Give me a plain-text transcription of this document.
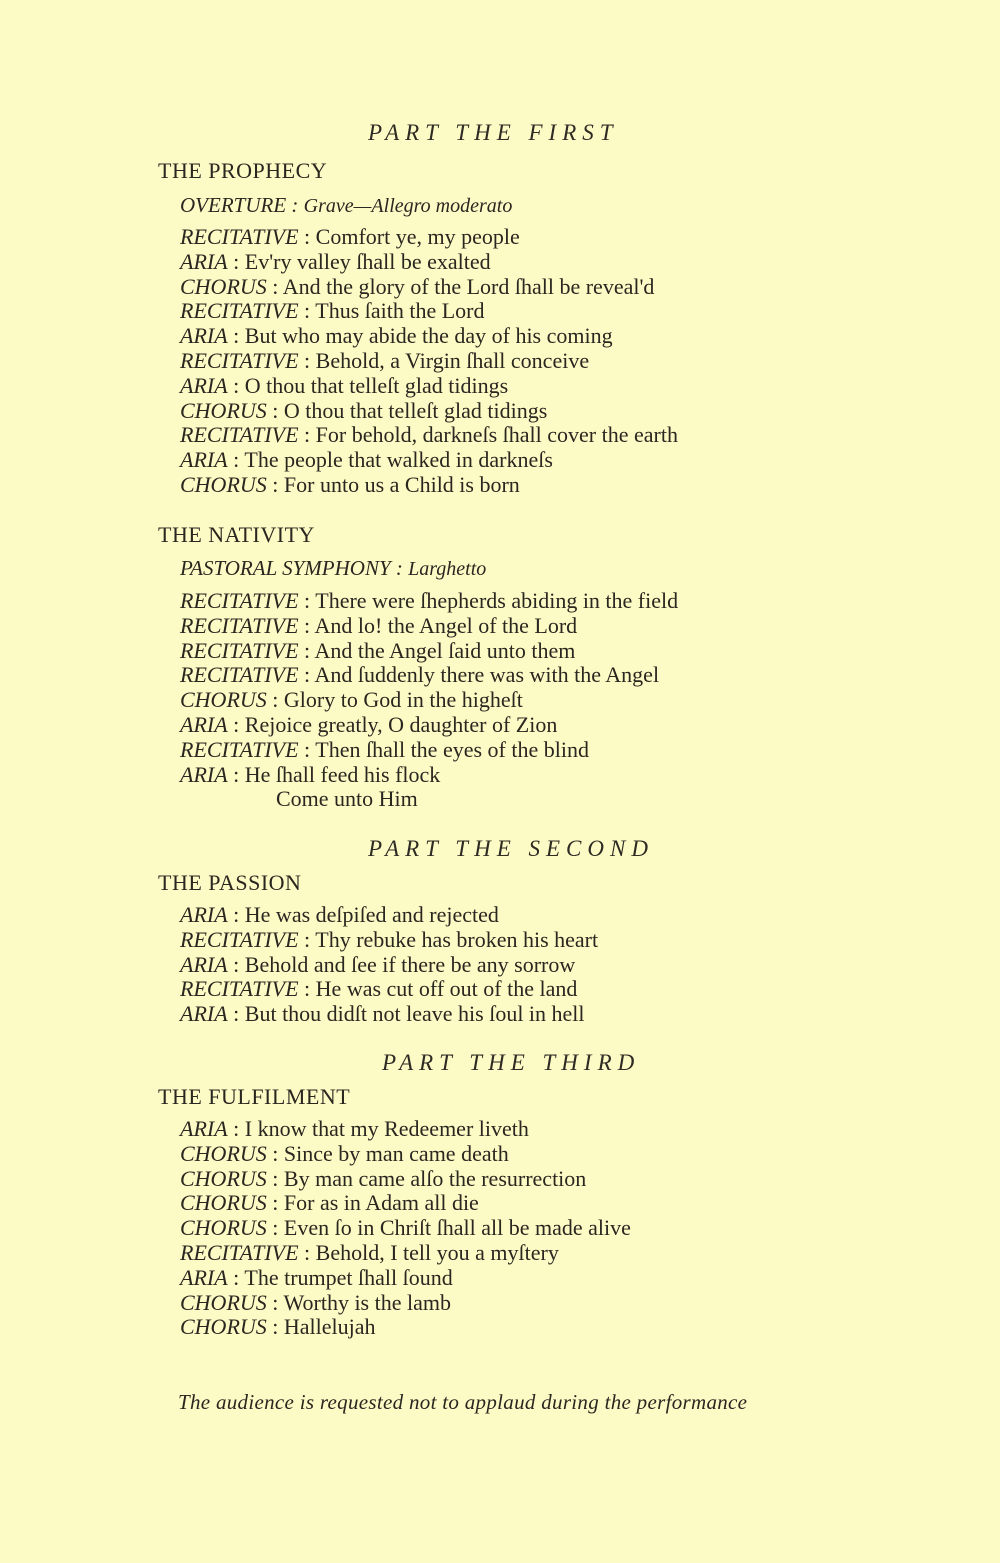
PART THE FIRST
THE PROPHECY
OVERTURE : Grave—Allegro moderato
RECITATIVE : Comfort ye, my people
ARIA : Ev'ry valley ſhall be exalted
CHORUS : And the glory of the Lord ſhall be reveal'd
RECITATIVE : Thus ſaith the Lord
ARIA : But who may abide the day of his coming
RECITATIVE : Behold, a Virgin ſhall conceive
ARIA : O thou that telleſt glad tidings
CHORUS : O thou that telleſt glad tidings
RECITATIVE : For behold, darkneſs ſhall cover the earth
ARIA : The people that walked in darkneſs
CHORUS : For unto us a Child is born
THE NATIVITY
PASTORAL SYMPHONY : Larghetto
RECITATIVE : There were ſhepherds abiding in the field
RECITATIVE : And lo! the Angel of the Lord
RECITATIVE : And the Angel ſaid unto them
RECITATIVE : And ſuddenly there was with the Angel
CHORUS : Glory to God in the higheſt
ARIA : Rejoice greatly, O daughter of Zion
RECITATIVE : Then ſhall the eyes of the blind
ARIA : He ſhall feed his flock
Come unto Him
PART THE SECOND
THE PASSION
ARIA : He was deſpiſed and rejected
RECITATIVE : Thy rebuke has broken his heart
ARIA : Behold and ſee if there be any sorrow
RECITATIVE : He was cut off out of the land
ARIA : But thou didſt not leave his ſoul in hell
PART THE THIRD
THE FULFILMENT
ARIA : I know that my Redeemer liveth
CHORUS : Since by man came death
CHORUS : By man came alſo the resurrection
CHORUS : For as in Adam all die
CHORUS : Even ſo in Chriſt ſhall all be made alive
RECITATIVE : Behold, I tell you a myſtery
ARIA : The trumpet ſhall ſound
CHORUS : Worthy is the lamb
CHORUS : Hallelujah
The audience is requested not to applaud during the performance
